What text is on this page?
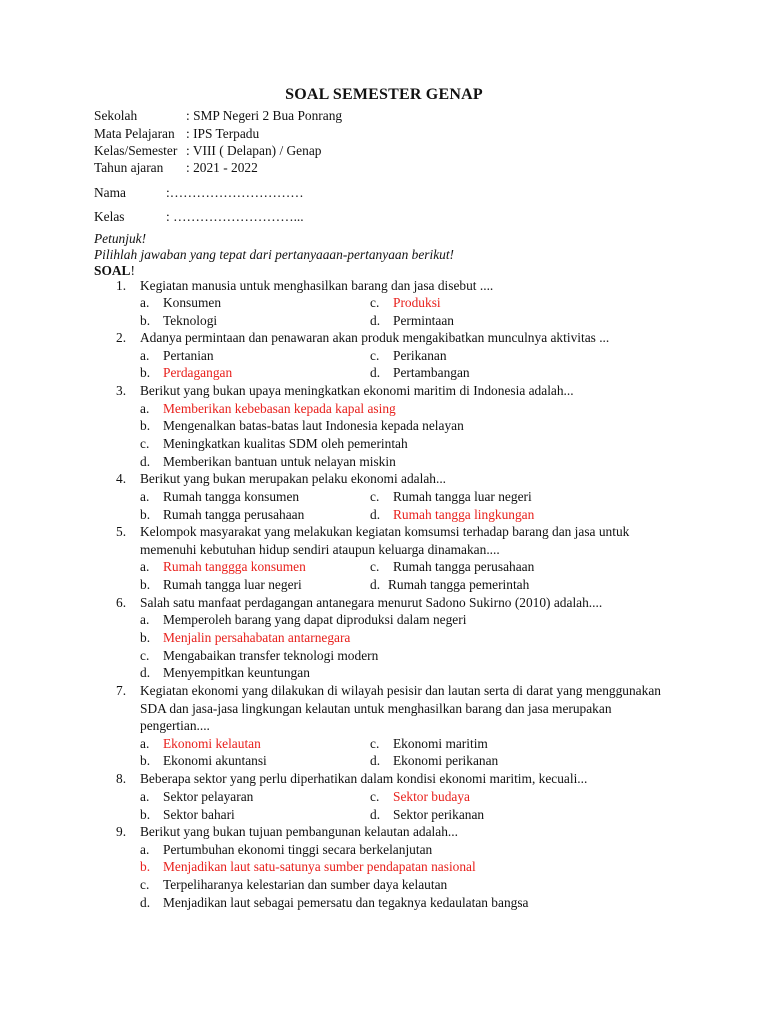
SOAL SEMESTER GENAP
Sekolah	: SMP Negeri 2 Bua Ponrang
Mata Pelajaran : IPS Terpadu
Kelas/Semester : VIII ( Delapan) / Genap
Tahun ajaran : 2021 - 2022
Nama	:…………………………
Kelas	: ………………………...
Petunjuk!
Pilihlah jawaban yang tepat dari pertanyaaan-pertanyaan berikut!
SOAL!
1. Kegiatan manusia untuk menghasilkan barang dan jasa disebut ....
a. Konsumen	c. Produksi
b. Teknologi	d. Permintaan
2. Adanya permintaan dan penawaran akan produk mengakibatkan munculnya aktivitas ...
a. Pertanian	c. Perikanan
b. Perdagangan	d. Pertambangan
3. Berikut yang bukan upaya meningkatkan ekonomi maritim di Indonesia adalah...
a. Memberikan kebebasan kepada kapal asing
b. Mengenalkan batas-batas laut Indonesia kepada nelayan
c. Meningkatkan kualitas SDM oleh pemerintah
d. Memberikan bantuan untuk nelayan miskin
4. Berikut yang bukan merupakan pelaku ekonomi adalah...
a. Rumah tangga konsumen	c. Rumah tangga luar negeri
b. Rumah tangga perusahaan	d. Rumah tangga lingkungan
5. Kelompok masyarakat yang melakukan kegiatan komsumsi terhadap barang dan jasa untuk memenuhi kebutuhan hidup sendiri ataupun keluarga dinamakan....
a. Rumah tanggga konsumen	c. Rumah tangga perusahaan
b. Rumah tangga luar negeri	d. Rumah tangga pemerintah
6. Salah satu manfaat perdagangan antanegara menurut Sadono Sukirno (2010) adalah....
a. Memperoleh barang yang dapat diproduksi dalam negeri
b. Menjalin persahabatan antarnegara
c. Mengabaikan transfer teknologi modern
d. Menyempitkan keuntungan
7. Kegiatan ekonomi yang dilakukan di wilayah pesisir dan lautan serta di darat yang menggunakan SDA dan jasa-jasa lingkungan kelautan untuk menghasilkan barang dan jasa merupakan pengertian....
a. Ekonomi kelautan	c. Ekonomi maritim
b. Ekonomi akuntansi	d. Ekonomi perikanan
8. Beberapa sektor yang perlu diperhatikan dalam kondisi ekonomi maritim, kecuali...
a. Sektor pelayaran	c. Sektor budaya
b. Sektor bahari	d. Sektor perikanan
9. Berikut yang bukan tujuan pembangunan kelautan adalah...
a. Pertumbuhan ekonomi tinggi secara berkelanjutan
b. Menjadikan laut satu-satunya sumber pendapatan nasional
c. Terpeliharanya kelestarian dan sumber daya kelautan
d. Menjadikan laut sebagai pemersatu dan tegaknya kedaulatan bangsa
